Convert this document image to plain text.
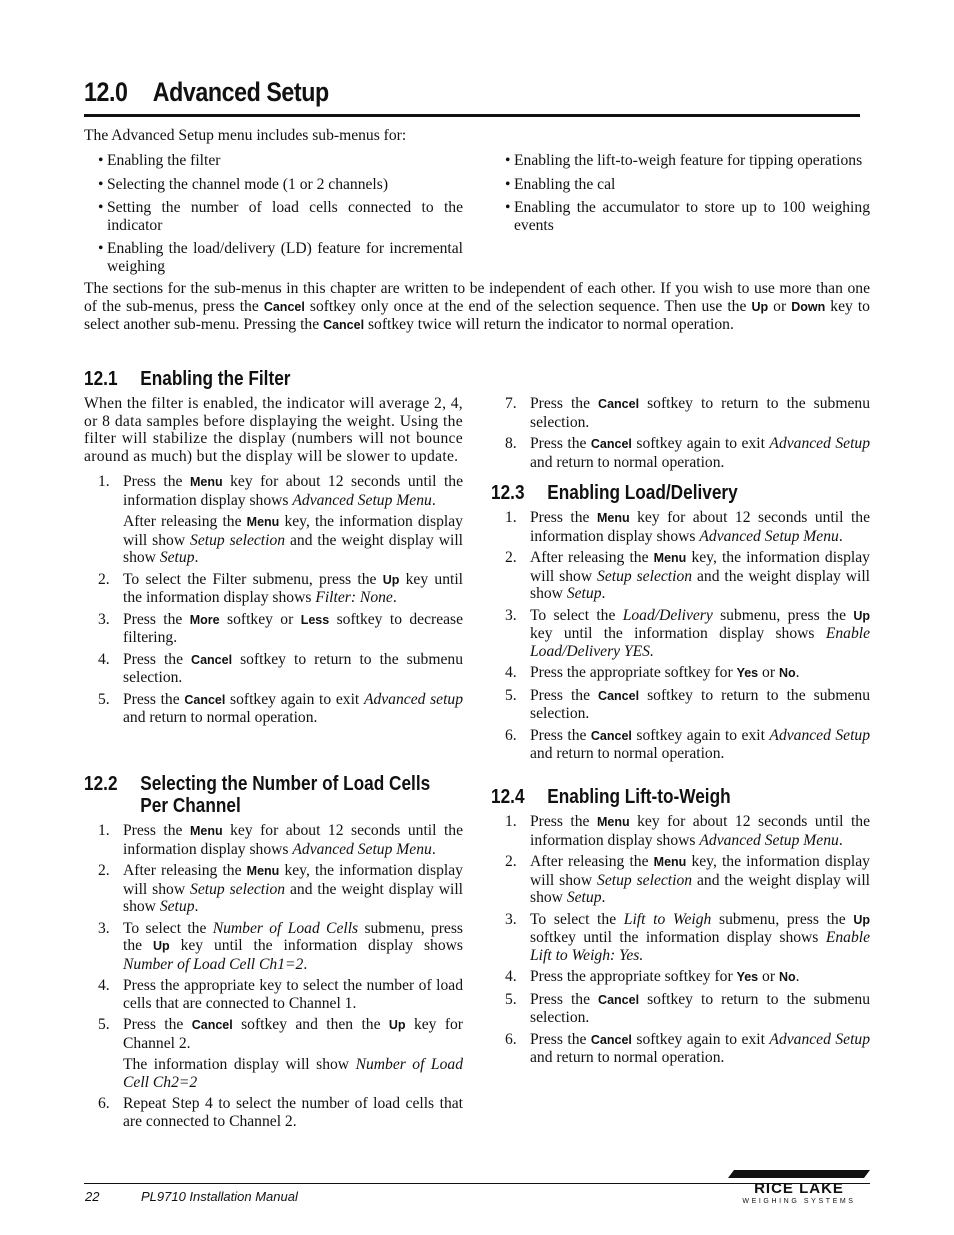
12.0 Advanced Setup
The Advanced Setup menu includes sub-menus for:
• Enabling the filter
• Selecting the channel mode (1 or 2 channels)
• Setting the number of load cells connected to the indicator
• Enabling the load/delivery (LD) feature for incremental weighing
• Enabling the lift-to-weigh feature for tipping operations
• Enabling the cal
• Enabling the accumulator to store up to 100 weighing events
The sections for the sub-menus in this chapter are written to be independent of each other. If you wish to use more than one of the sub-menus, press the Cancel softkey only once at the end of the selection sequence. Then use the Up or Down key to select another sub-menu. Pressing the Cancel softkey twice will return the indicator to normal operation.
12.1 Enabling the Filter
When the filter is enabled, the indicator will average 2, 4, or 8 data samples before displaying the weight. Using the filter will stabilize the display (numbers will not bounce around as much) but the display will be slower to update.
1. Press the Menu key for about 12 seconds until the information display shows Advanced Setup Menu.
After releasing the Menu key, the information display will show Setup selection and the weight display will show Setup.
2. To select the Filter submenu, press the Up key until the information display shows Filter: None.
3. Press the More softkey or Less softkey to decrease filtering.
4. Press the Cancel softkey to return to the submenu selection.
5. Press the Cancel softkey again to exit Advanced setup and return to normal operation.
12.2 Selecting the Number of Load Cells
Per Channel
1. Press the Menu key for about 12 seconds until the information display shows Advanced Setup Menu.
2. After releasing the Menu key, the information display will show Setup selection and the weight display will show Setup.
3. To select the Number of Load Cells submenu, press the Up key until the information display shows Number of Load Cell Ch1=2.
4. Press the appropriate key to select the number of load cells that are connected to Channel 1.
5. Press the Cancel softkey and then the Up key for Channel 2.
The information display will show Number of Load Cell Ch2=2
6. Repeat Step 4 to select the number of load cells that are connected to Channel 2.
7. Press the Cancel softkey to return to the submenu selection.
8. Press the Cancel softkey again to exit Advanced Setup and return to normal operation.
12.3 Enabling Load/Delivery
1. Press the Menu key for about 12 seconds until the information display shows Advanced Setup Menu.
2. After releasing the Menu key, the information display will show Setup selection and the weight display will show Setup.
3. To select the Load/Delivery submenu, press the Up key until the information display shows Enable Load/Delivery YES.
4. Press the appropriate softkey for Yes or No.
5. Press the Cancel softkey to return to the submenu selection.
6. Press the Cancel softkey again to exit Advanced Setup and return to normal operation.
12.4 Enabling Lift-to-Weigh
1. Press the Menu key for about 12 seconds until the information display shows Advanced Setup Menu.
2. After releasing the Menu key, the information display will show Setup selection and the weight display will show Setup.
3. To select the Lift to Weigh submenu, press the Up softkey until the information display shows Enable Lift to Weigh: Yes.
4. Press the appropriate softkey for Yes or No.
5. Press the Cancel softkey to return to the submenu selection.
6. Press the Cancel softkey again to exit Advanced Setup and return to normal operation.
22	PL9710 Installation Manual	RICE LAKE
WEIGHING SYSTEMS
